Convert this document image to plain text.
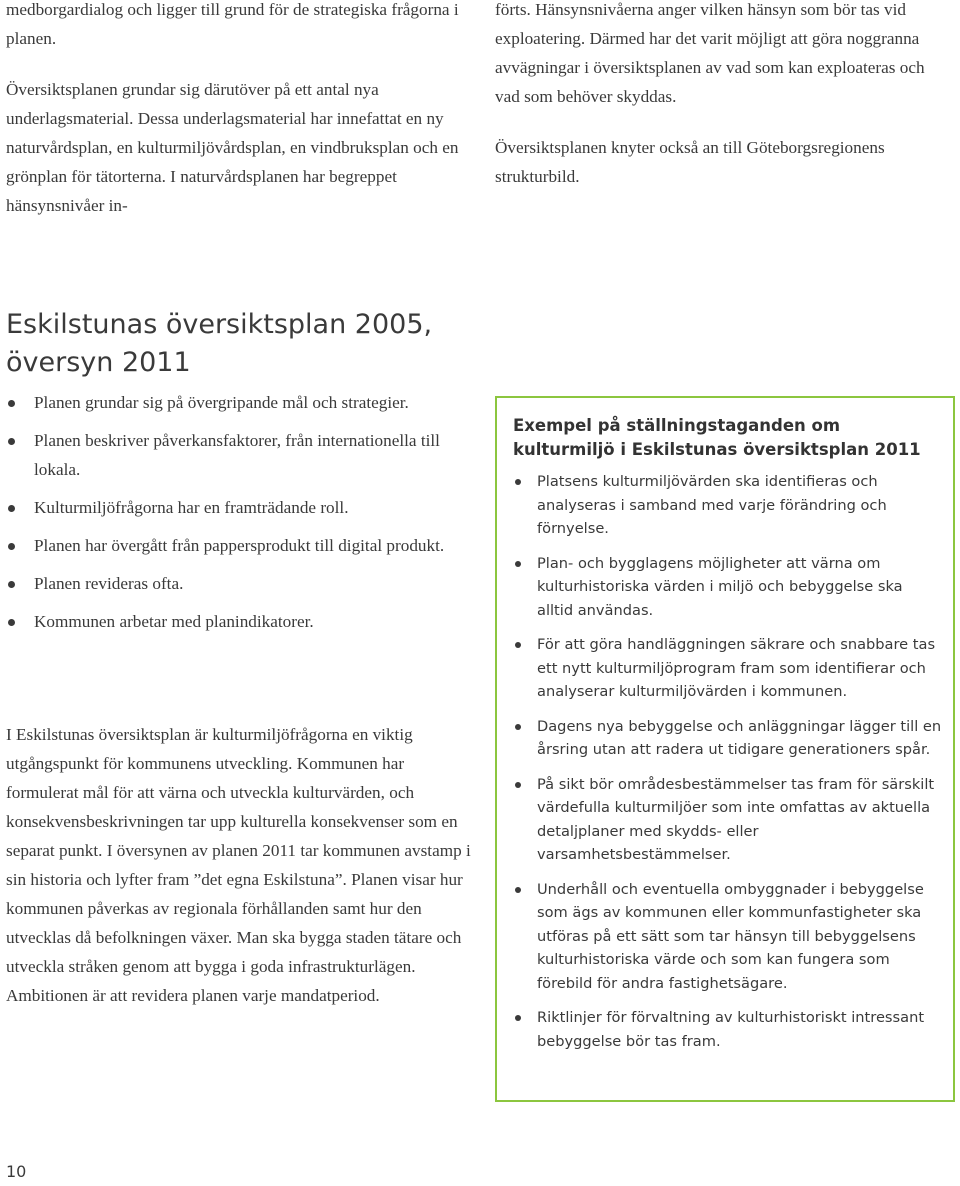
medborgardialog och ligger till grund för de strategiska frågorna i planen.

Översiktsplanen grundar sig därutöver på ett antal nya underlagsmaterial. Dessa underlagsmaterial har innefattat en ny naturvårdsplan, en kulturmiljövårdsplan, en vindbruksplan och en grönplan för tätorterna. I naturvårdsplanen har begreppet hänsynsnivåer in-

förts. Hänsynsnivåerna anger vilken hänsyn som bör tas vid exploatering. Därmed har det varit möjligt att göra noggranna avvägningar i översiktsplanen av vad som kan exploateras och vad som behöver skyddas.

Översiktsplanen knyter också an till Göteborgsregionens strukturbild.

Eskilstunas översiktsplan 2005, översyn 2011
Planen grundar sig på övergripande mål och strategier.
Planen beskriver påverkansfaktorer, från internationella till lokala.
Kulturmiljöfrågorna har en framträdande roll.
Planen har övergått från pappersprodukt till digital produkt.
Planen revideras ofta.
Kommunen arbetar med planindikatorer.

I Eskilstunas översiktsplan är kulturmiljöfrågorna en viktig utgångspunkt för kommunens utveckling. Kommunen har formulerat mål för att värna och utveckla kulturvärden, och konsekvensbeskrivningen tar upp kulturella konsekvenser som en separat punkt. I översynen av planen 2011 tar kommunen avstamp i sin historia och lyfter fram ”det egna Eskilstuna”. Planen visar hur kommunen påverkas av regionala förhållanden samt hur den utvecklas då befolkningen växer. Man ska bygga staden tätare och utveckla stråken genom att bygga i goda infrastrukturlägen. Ambitionen är att revidera planen varje mandatperiod.

Exempel på ställningstaganden om kulturmiljö i Eskilstunas översiktsplan 2011
Platsens kulturmiljövärden ska identifieras och analyseras i samband med varje förändring och förnyelse.
Plan- och bygglagens möjligheter att värna om kulturhistoriska värden i miljö och bebyggelse ska alltid användas.
För att göra handläggningen säkrare och snabbare tas ett nytt kulturmiljöprogram fram som identifierar och analyserar kulturmiljövärden i kommunen.
Dagens nya bebyggelse och anläggningar lägger till en årsring utan att radera ut tidigare generationers spår.
På sikt bör områdesbestämmelser tas fram för särskilt värdefulla kulturmiljöer som inte omfattas av aktuella detaljplaner med skydds- eller varsamhetsbestämmelser.
Underhåll och eventuella ombyggnader i bebyggelse som ägs av kommunen eller kommunfastigheter ska utföras på ett sätt som tar hänsyn till bebyggelsens kulturhistoriska värde och som kan fungera som förebild för andra fastighetsägare.
Riktlinjer för förvaltning av kulturhistoriskt intressant bebyggelse bör tas fram.
10
